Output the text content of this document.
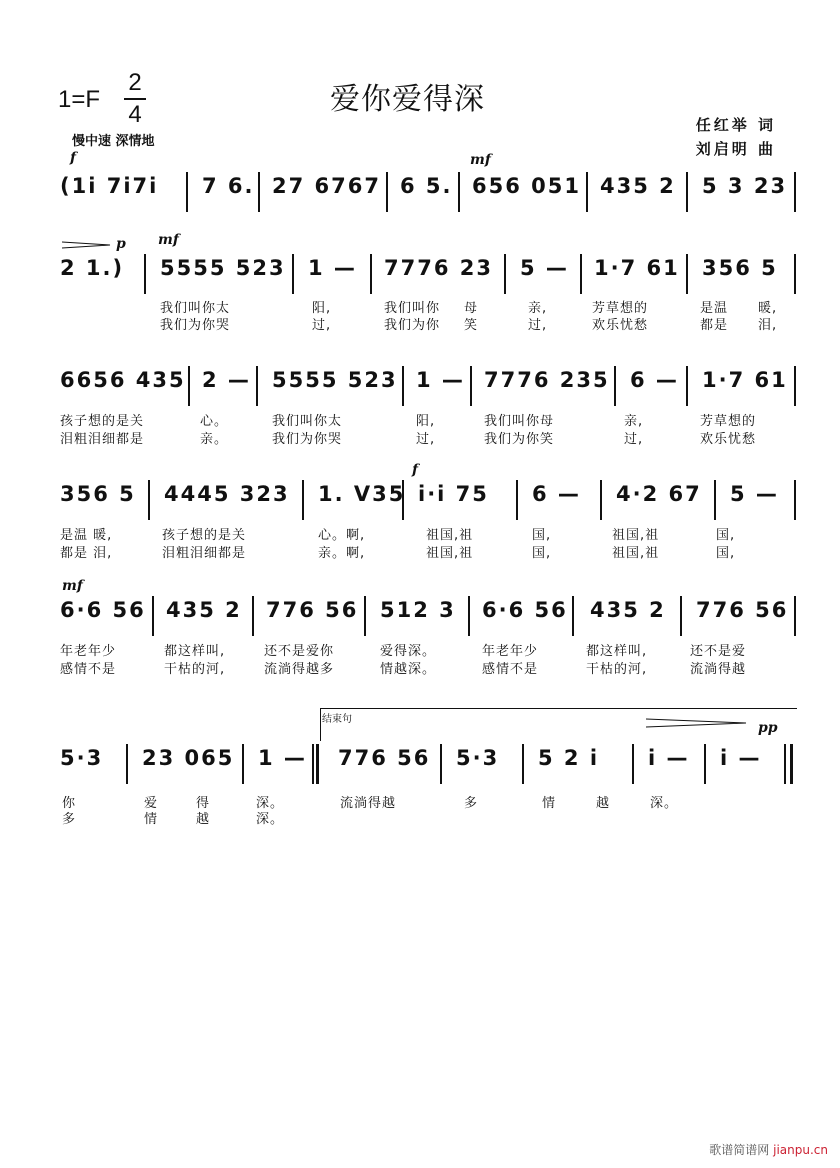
1=F
2
4	爱你爱得深
慢中速 深情地
任红举 词
刘启明 曲
f	mf
(1i 7i7i 7 6. 27 6767 6 5. 656 051 435 2 5 3 23
p mf
2 1.) 5555 523 1 — 7776 23 5 — 1·7 61 356 5
我们叫你太	阳,	我们叫你 母	亲,	芳草想的	是温 暖,
我们为你哭	过,	我们为你 笑	过,	欢乐忧愁	都是 泪,
6656 435 2 — 5555 523 1 — 7776 235 6 — 1·7 61
孩子想的是关	心。	我们叫你太	阳,	我们叫你母	亲,	芳草想的
泪粗泪细都是	亲。	我们为你哭	过,	我们为你笑	过,	欢乐忧愁
f
356 5 4445 323 1. V35 i·i 75 6 — 4·2 67 5 —
是温 暖,	孩子想的是关	心。啊,	祖国,祖	国,	祖国,祖	国,
都是 泪,	泪粗泪细都是	亲。啊,	祖国,祖	国,	祖国,祖	国,
mf
6·6 56 435 2 776 56 512 3 6·6 56 435 2 776 56
年老年少	都这样叫,	还不是爱你	爱得深。	年老年少	都这样叫,	还不是爱
感情不是	干枯的河,	流淌得越多	情越深。	感情不是	干枯的河,	流淌得越
结束句
pp
5·3 23 065 1 — 776 56 5·3 5 2 i i — i —
你	爱	得	深。	流淌得越	多	情	越	深。
多	情	越	深。
歌谱简谱网 jianpu.cn
